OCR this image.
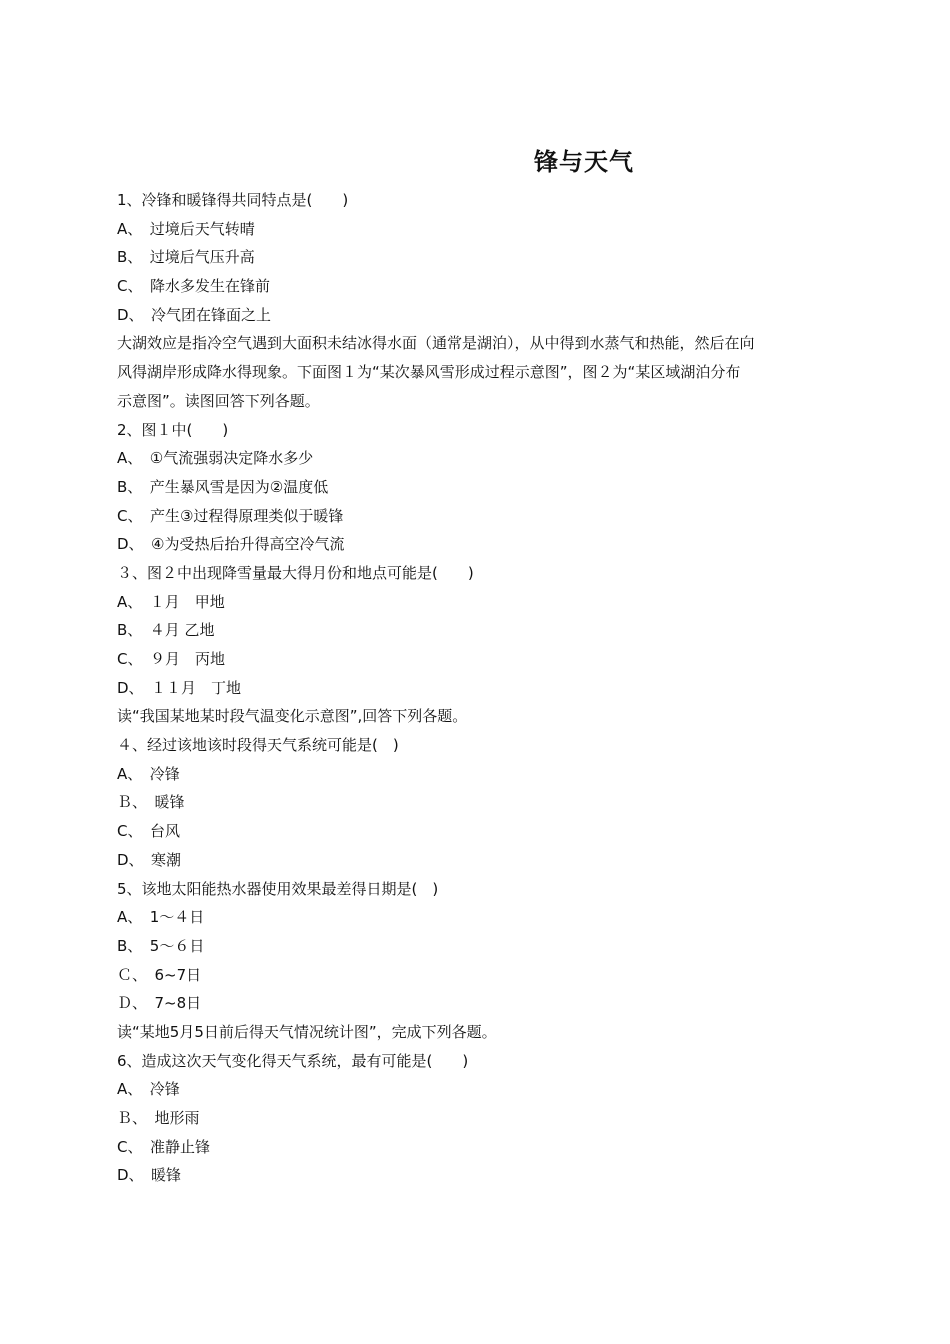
锋与天气

1、冷锋和暖锋得共同特点是(　　)

A、　过境后天气转晴

B、　过境后气压升高

C、　降水多发生在锋前

D、　冷气团在锋面之上

大湖效应是指冷空气遇到大面积未结冰得水面（通常是湖泊），从中得到水蒸气和热能，然后在向

风得湖岸形成降水得现象。下面图１为“某次暴风雪形成过程示意图”，图２为“某区域湖泊分布

示意图”。读图回答下列各题。

2、图１中(　　)

A、　①气流强弱决定降水多少

B、　产生暴风雪是因为②温度低

C、　产生③过程得原理类似于暖锋

D、　④为受热后抬升得高空冷气流

３、图２中出现降雪量最大得月份和地点可能是(　　)

A、　１月　甲地

B、　４月 乙地

C、　９月　丙地

D、　１１月　丁地

读“我国某地某时段气温变化示意图”,回答下列各题。

４、经过该地该时段得天气系统可能是(　)

A、　冷锋

Ｂ、　暖锋

C、　台风

D、　寒潮

5、该地太阳能热水器使用效果最差得日期是(　)

A、　1～４日

B、　5～６日

Ｃ、　6~7日

Ｄ、　7~8日

读“某地5月5日前后得天气情况统计图”，完成下列各题。

6、造成这次天气变化得天气系统，最有可能是(　　)

A、　冷锋

Ｂ、　地形雨

C、　准静止锋

D、　暖锋
